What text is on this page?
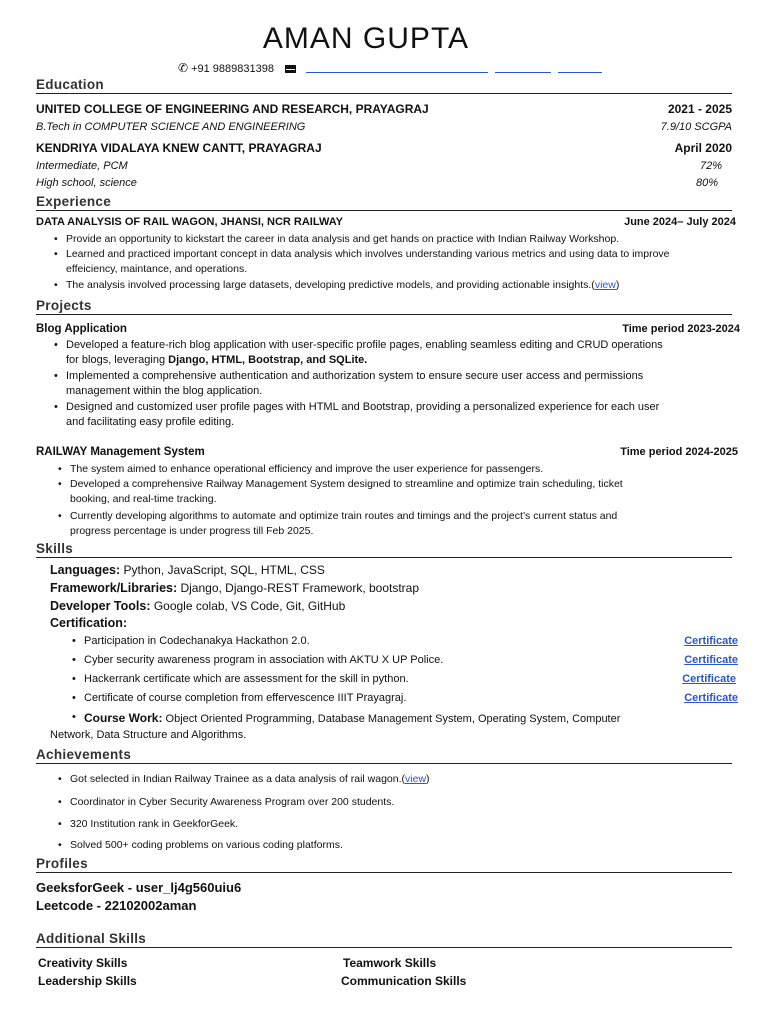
AMAN GUPTA
✆ +91 9889831398
Education
UNITED COLLEGE OF ENGINEERING AND RESEARCH, PRAYAGRAJ	2021 - 2025
B.Tech in COMPUTER SCIENCE AND ENGINEERING	7.9/10 SCGPA
KENDRIYA VIDALAYA KNEW CANTT, PRAYAGRAJ	April 2020
Intermediate, PCM	72%
High school, science	80%
Experience
DATA ANALYSIS OF RAIL WAGON, JHANSI, NCR RAILWAY	June 2024– July 2024
• Provide an opportunity to kickstart the career in data analysis and get hands on practice with Indian Railway Workshop.
• Learned and practiced important concept in data analysis which involves understanding various metrics and using data to improve
effeiciency, maintance, and operations.
• The analysis involved processing large datasets, developing predictive models, and providing actionable insights.(view)
Projects
Blog Application	Time period 2023-2024
• Developed a feature-rich blog application with user-specific profile pages, enabling seamless editing and CRUD operations
for blogs, leveraging Django, HTML, Bootstrap, and SQLite.
• Implemented a comprehensive authentication and authorization system to ensure secure user access and permissions
management within the blog application.
• Designed and customized user profile pages with HTML and Bootstrap, providing a personalized experience for each user
and facilitating easy profile editing.
RAILWAY Management System	Time period 2024-2025
• The system aimed to enhance operational efficiency and improve the user experience for passengers.
• Developed a comprehensive Railway Management System designed to streamline and optimize train scheduling, ticket
booking, and real-time tracking.
• Currently developing algorithms to automate and optimize train routes and timings and the project’s current status and
progress percentage is under progress till Feb 2025.
Skills
Languages: Python, JavaScript, SQL, HTML, CSS
Framework/Libraries: Django, Django-REST Framework, bootstrap
Developer Tools: Google colab, VS Code, Git, GitHub
Certification:
• Participation in Codechanakya Hackathon 2.0.	Certificate
• Cyber security awareness program in association with AKTU X UP Police.	Certificate
• Hackerrank certificate which are assessment for the skill in python.	Certificate
• Certificate of course completion from effervescence IIIT Prayagraj.	Certificate
• Course Work: Object Oriented Programming, Database Management System, Operating System, Computer
Network, Data Structure and Algorithms.
Achievements
• Got selected in Indian Railway Trainee as a data analysis of rail wagon.(view)
• Coordinator in Cyber Security Awareness Program over 200 students.
• 320 Institution rank in GeekforGeek.
• Solved 500+ coding problems on various coding platforms.
Profiles
GeeksforGeek - user_lj4g560uiu6
Leetcode - 22102002aman
Additional Skills
Creativity Skills	Teamwork Skills
Leadership Skills	Communication Skills
